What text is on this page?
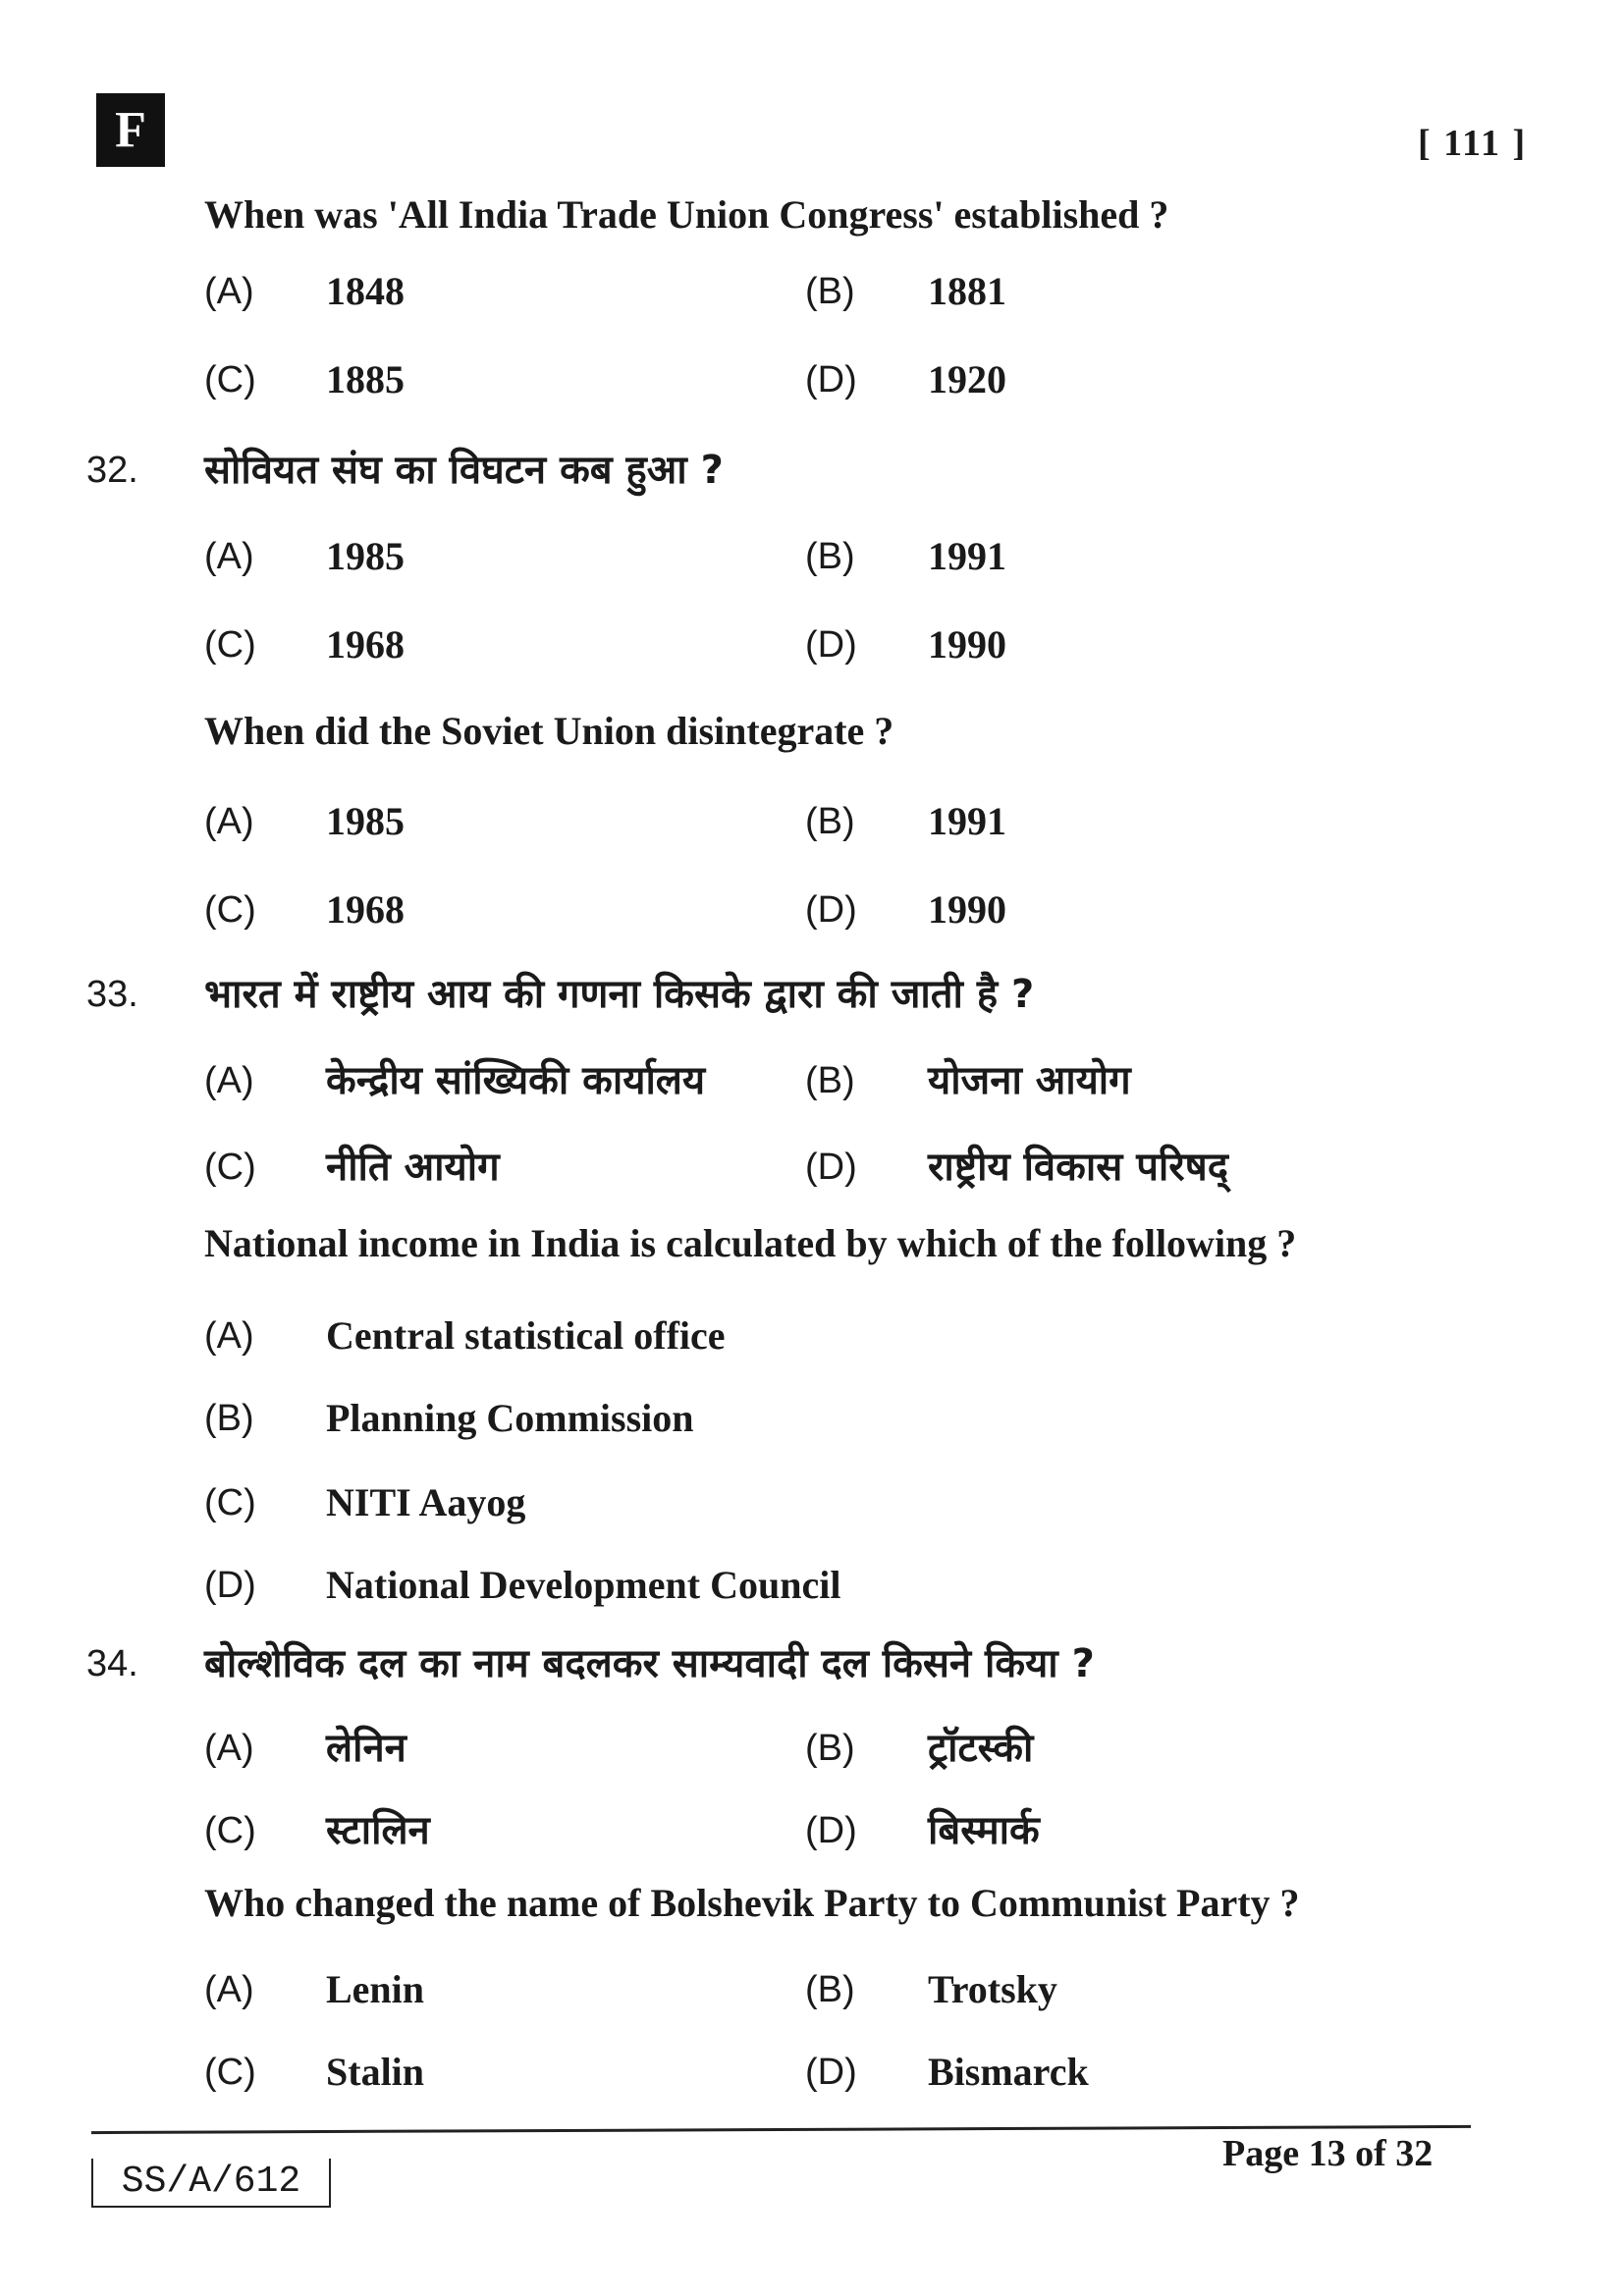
F	[ 111 ]
When was 'All India Trade Union Congress' established ?
(A) 1848	(B) 1881
(C) 1885	(D) 1920
32. सोवियत संघ का विघटन कब हुआ ?
(A) 1985	(B) 1991
(C) 1968	(D) 1990
When did the Soviet Union disintegrate ?
(A) 1985	(B) 1991
(C) 1968	(D) 1990
33. भारत में राष्ट्रीय आय की गणना किसके द्वारा की जाती है ?
(A) केन्द्रीय सांख्यिकी कार्यालय	(B) योजना आयोग
(C) नीति आयोग	(D) राष्ट्रीय विकास परिषद्
National income in India is calculated by which of the following ?
(A) Central statistical office
(B) Planning Commission
(C) NITI Aayog
(D) National Development Council
34. बोल्शेविक दल का नाम बदलकर साम्यवादी दल किसने किया ?
(A) लेनिन	(B) ट्रॉटस्की
(C) स्टालिन	(D) बिस्मार्क
Who changed the name of Bolshevik Party to Communist Party ?
(A) Lenin	(B) Trotsky
(C) Stalin	(D) Bismarck
SS/A/612
Page 13 of 32
